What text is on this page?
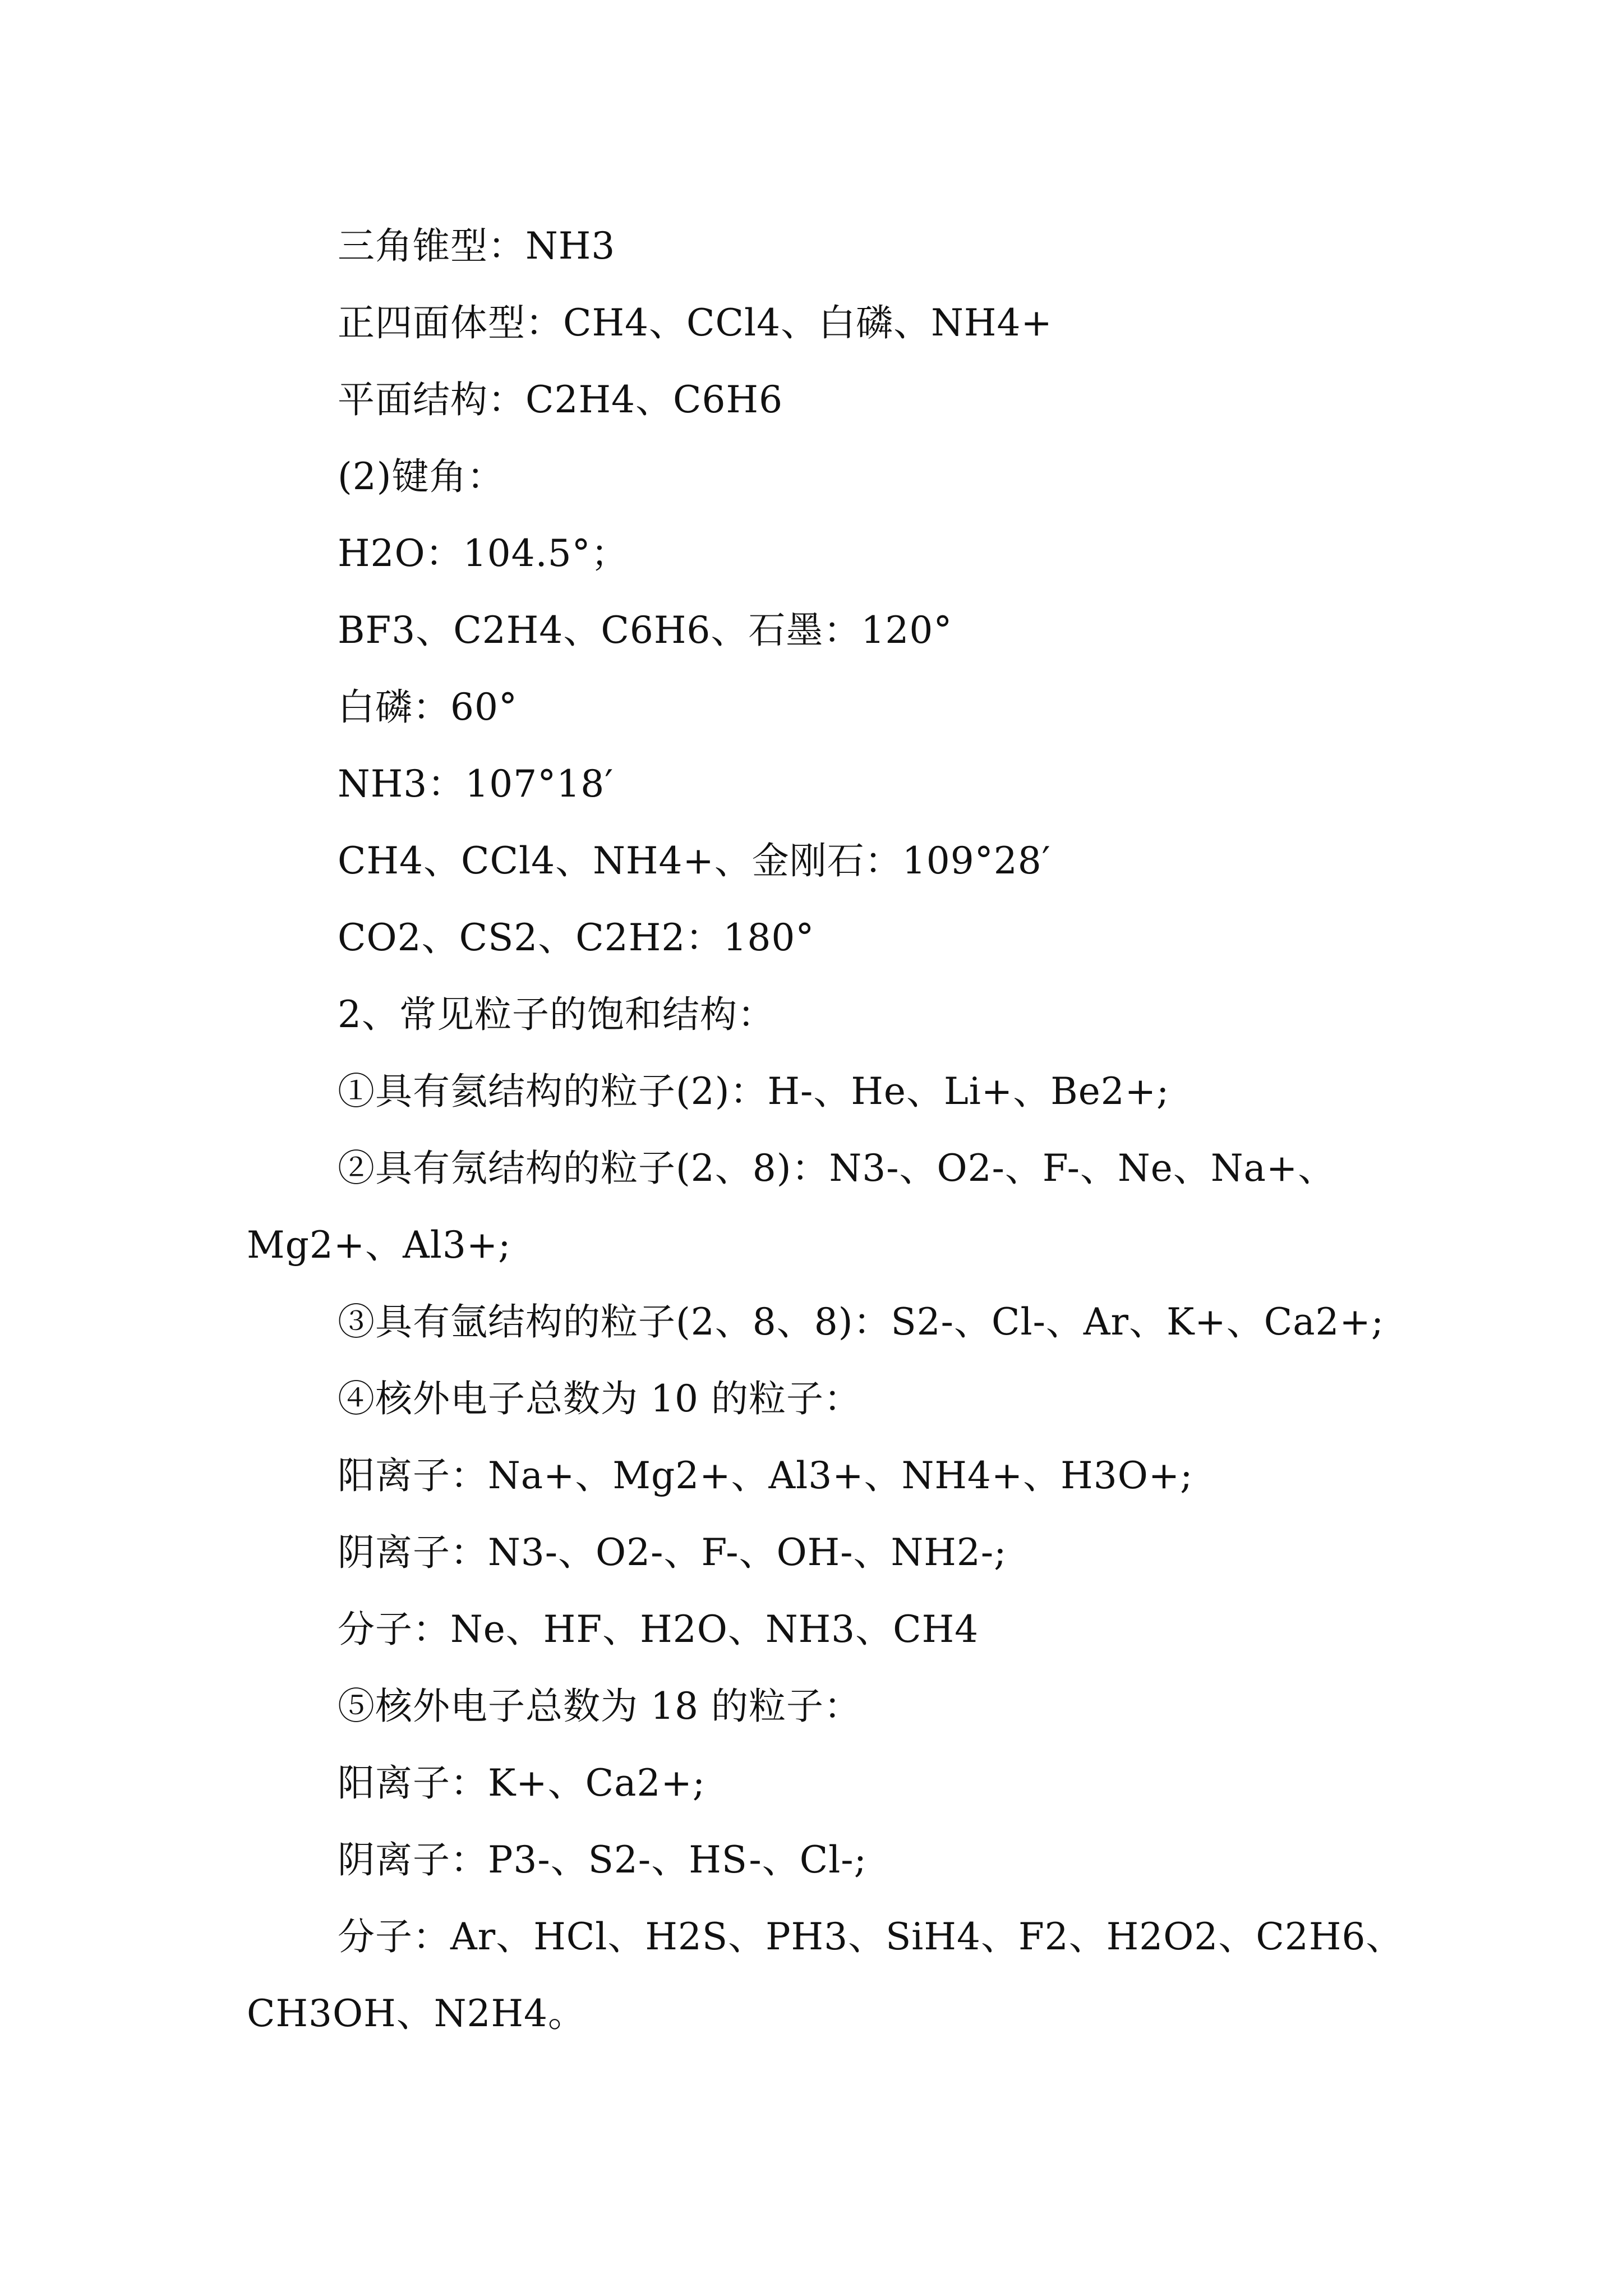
三角锥型：NH3
正四面体型：CH4、CCl4、白磷、NH4+
平面结构：C2H4、C6H6
(2)键角：
H2O：104.5°；
BF3、C2H4、C6H6、石墨：120°
白磷：60°
NH3：107°18′
CH4、CCl4、NH4+、金刚石：109°28′
CO2、CS2、C2H2：180°
2、常见粒子的饱和结构：
①具有氦结构的粒子(2)：H-、He、Li+、Be2+;
②具有氖结构的粒子(2、8)：N3-、O2-、F-、Ne、Na+、
Mg2+、Al3+;
③具有氩结构的粒子(2、8、8)：S2-、Cl-、Ar、K+、Ca2+;
④核外电子总数为 10 的粒子：
阳离子：Na+、Mg2+、Al3+、NH4+、H3O+;
阴离子：N3-、O2-、F-、OH-、NH2-;
分子：Ne、HF、H2O、NH3、CH4
⑤核外电子总数为 18 的粒子：
阳离子：K+、Ca2+;
阴离子：P3-、S2-、HS-、Cl-;
分子：Ar、HCl、H2S、PH3、SiH4、F2、H2O2、C2H6、
CH3OH、N2H4。
